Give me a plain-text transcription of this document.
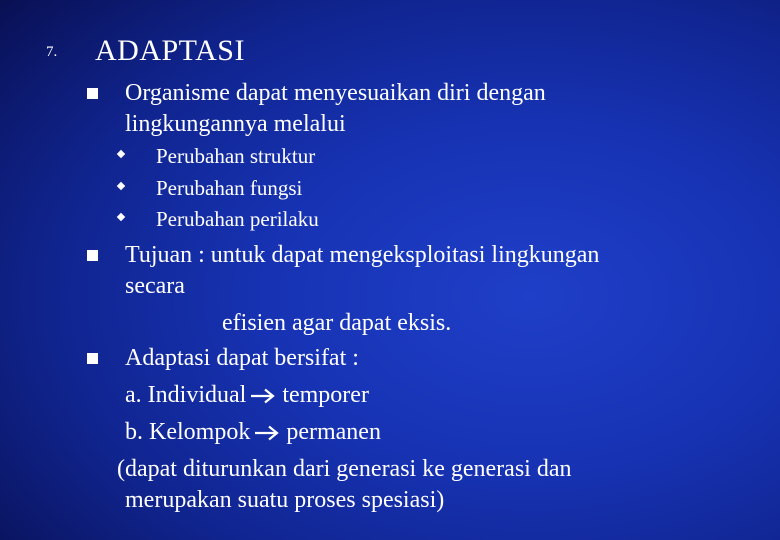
7. ADAPTASI
Organisme dapat menyesuaikan diri dengan
lingkungannya melalui
Perubahan struktur
Perubahan fungsi
Perubahan perilaku
Tujuan : untuk dapat mengeksploitasi lingkungan
secara
efisien agar dapat eksis.
Adaptasi dapat bersifat :
a. Individual temporer
b. Kelompok permanen
(dapat diturunkan dari generasi ke generasi dan
merupakan suatu proses spesiasi)
